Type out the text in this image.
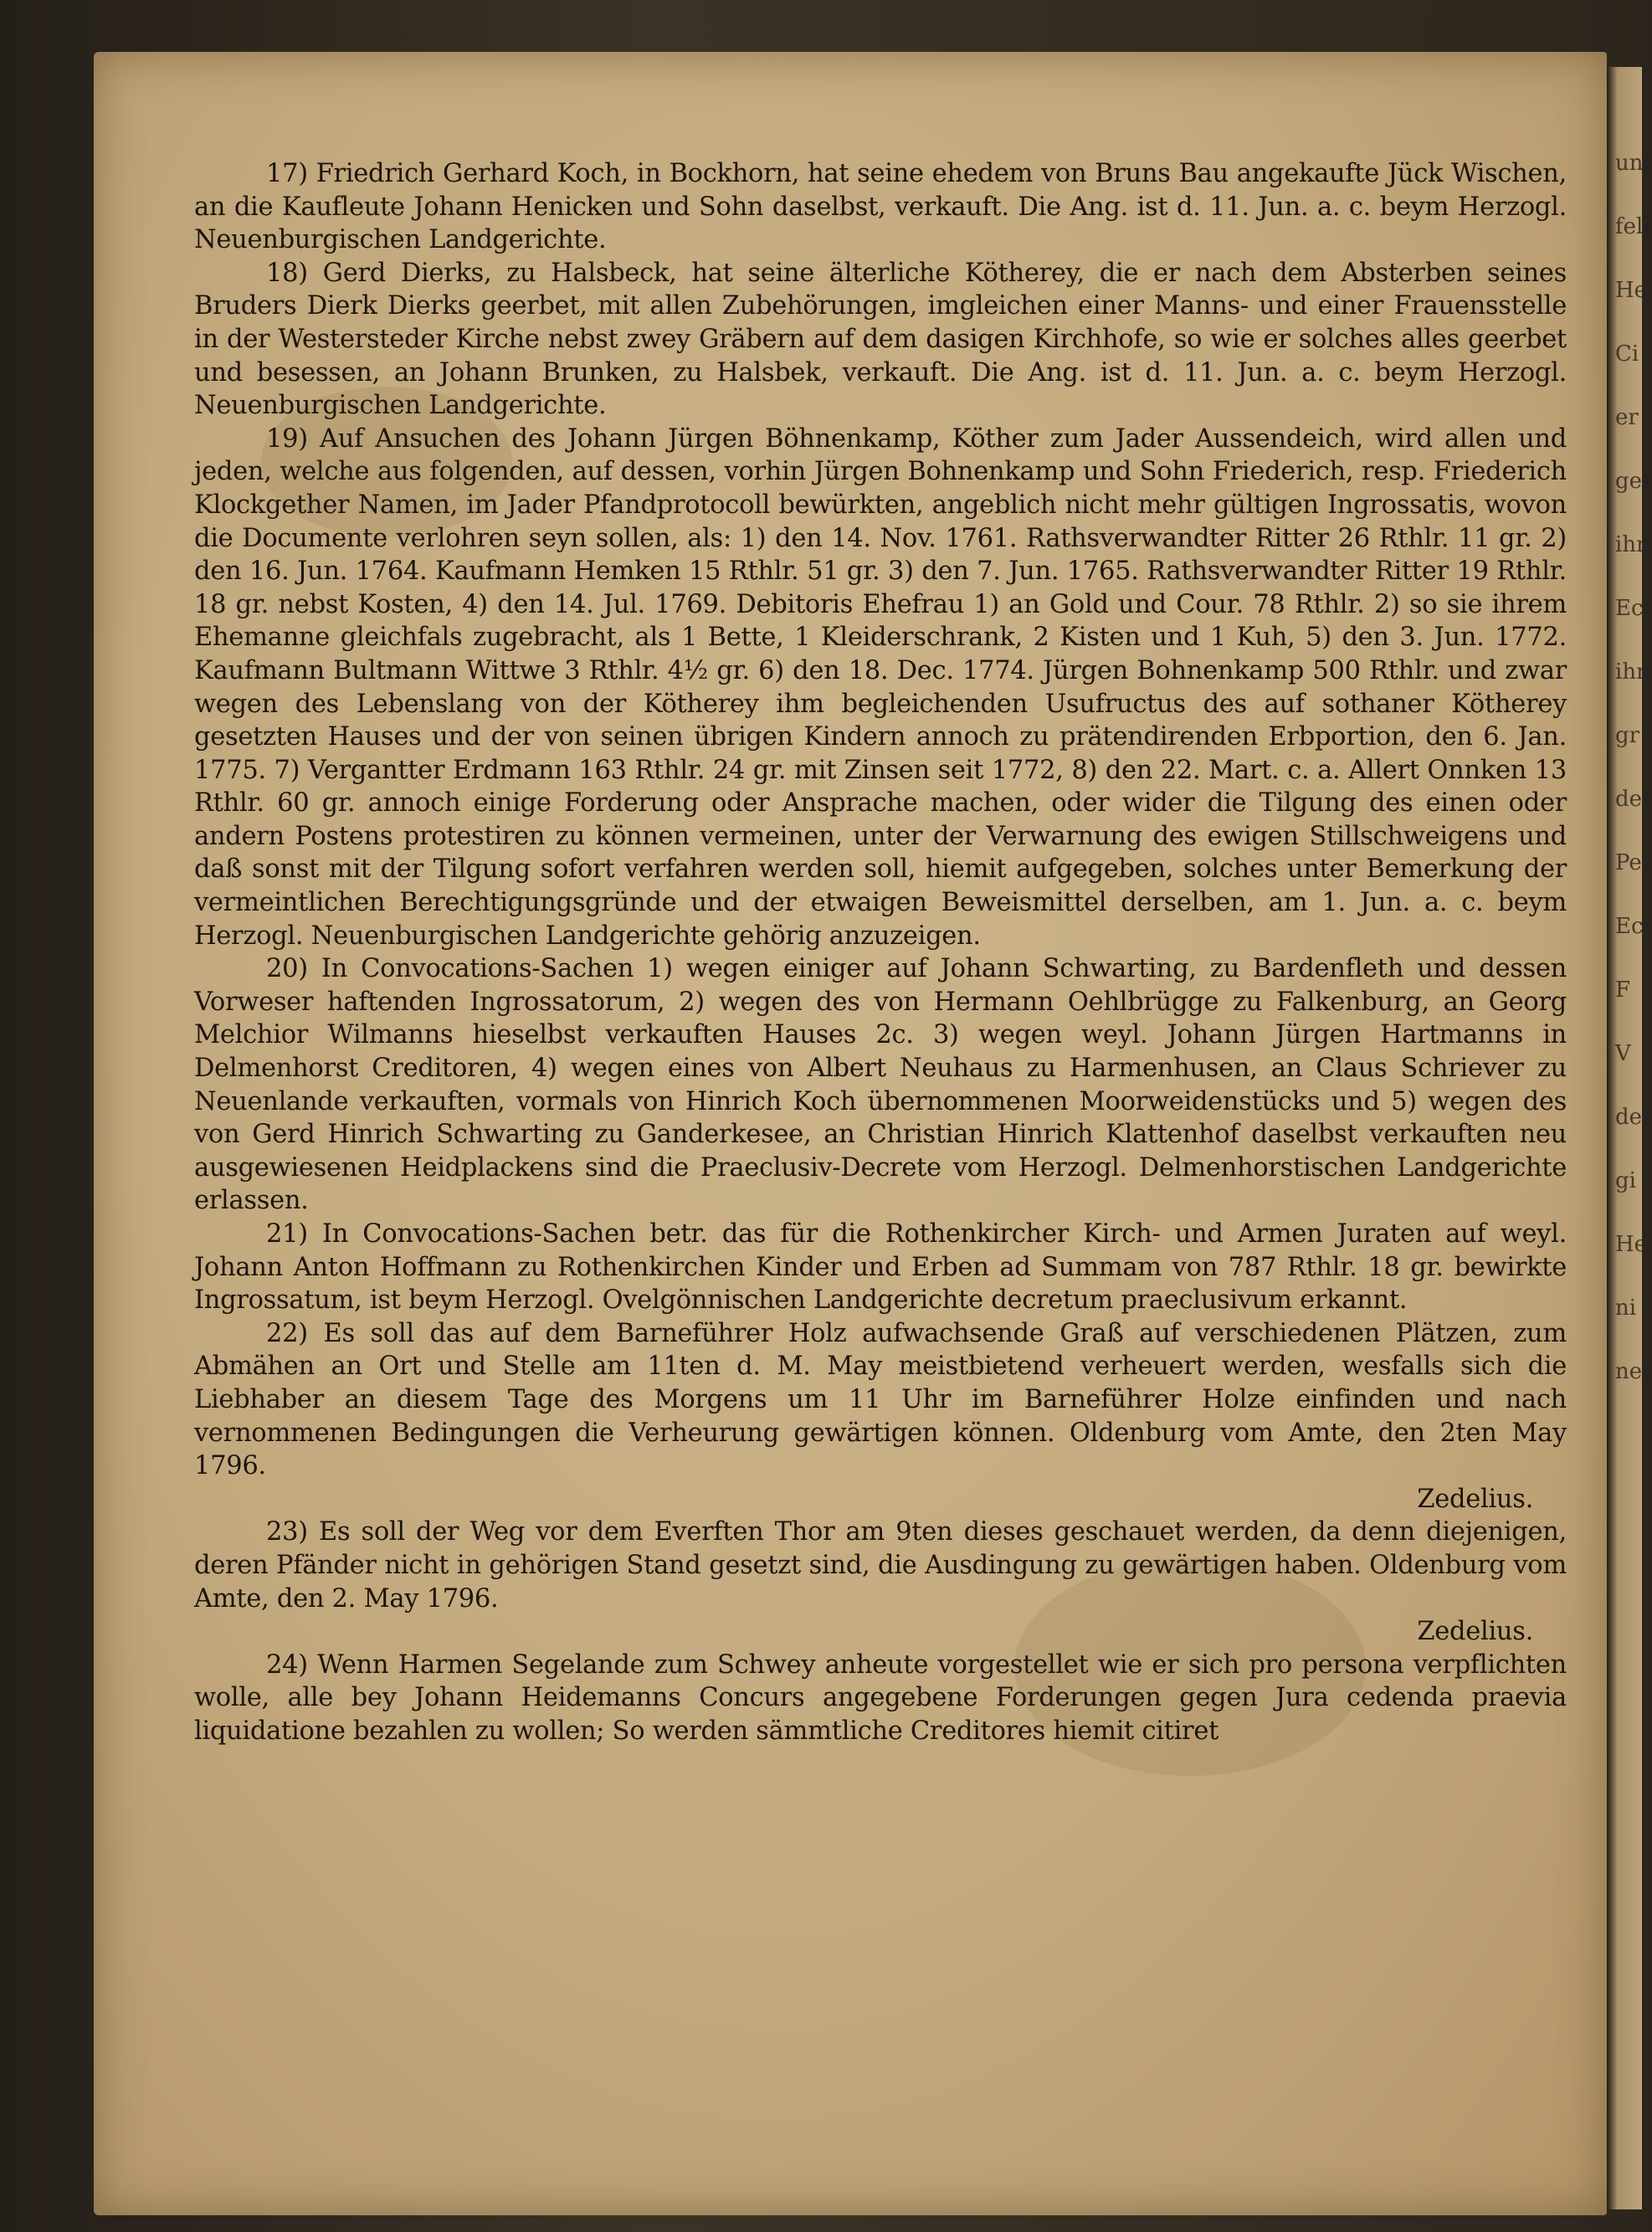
un
fell
He
Ci
er
ger
ihr
Ec
ihr
gr
de
Pe
Ec
F
V
de
gi
He
ni
ne

17) Friedrich Gerhard Koch, in Bockhorn, hat seine ehedem von Bruns Bau angekaufte Jück Wischen, an die Kaufleute Johann Henicken und Sohn daselbst, verkauft. Die Ang. ist d. 11. Jun. a. c. beym Herzogl. Neuenburgischen Landgerichte.

18) Gerd Dierks, zu Halsbeck, hat seine älterliche Kötherey, die er nach dem Absterben seines Bruders Dierk Dierks geerbet, mit allen Zubehörungen, imgleichen einer Manns- und einer Frauensstelle in der Westersteder Kirche nebst zwey Gräbern auf dem dasigen Kirchhofe, so wie er solches alles geerbet und besessen, an Johann Brunken, zu Halsbek, verkauft. Die Ang. ist d. 11. Jun. a. c. beym Herzogl. Neuenburgischen Landgerichte.

19) Auf Ansuchen des Johann Jürgen Böhnenkamp, Köther zum Jader Aussendeich, wird allen und jeden, welche aus folgenden, auf dessen, vorhin Jürgen Bohnenkamp und Sohn Friederich, resp. Friederich Klockgether Namen, im Jader Pfandprotocoll bewürkten, angeblich nicht mehr gültigen Ingrossatis, wovon die Documente verlohren seyn sollen, als: 1) den 14. Nov. 1761. Rathsverwandter Ritter 26 Rthlr. 11 gr. 2) den 16. Jun. 1764. Kaufmann Hemken 15 Rthlr. 51 gr. 3) den 7. Jun. 1765. Rathsverwandter Ritter 19 Rthlr. 18 gr. nebst Kosten, 4) den 14. Jul. 1769. Debitoris Ehefrau 1) an Gold und Cour. 78 Rthlr. 2) so sie ihrem Ehemanne gleichfals zugebracht, als 1 Bette, 1 Kleiderschrank, 2 Kisten und 1 Kuh, 5) den 3. Jun. 1772. Kaufmann Bultmann Wittwe 3 Rthlr. 4½ gr. 6) den 18. Dec. 1774. Jürgen Bohnenkamp 500 Rthlr. und zwar wegen des Lebenslang von der Kötherey ihm begleichenden Usufructus des auf sothaner Kötherey gesetzten Hauses und der von seinen übrigen Kindern annoch zu prätendirenden Erbportion, den 6. Jan. 1775. 7) Vergantter Erdmann 163 Rthlr. 24 gr. mit Zinsen seit 1772, 8) den 22. Mart. c. a. Allert Onnken 13 Rthlr. 60 gr. annoch einige Forderung oder Ansprache machen, oder wider die Tilgung des einen oder andern Postens protestiren zu können vermeinen, unter der Verwarnung des ewigen Stillschweigens und daß sonst mit der Tilgung sofort verfahren werden soll, hiemit aufgegeben, solches unter Bemerkung der vermeintlichen Berechtigungsgründe und der etwaigen Beweismittel derselben, am 1. Jun. a. c. beym Herzogl. Neuenburgischen Landgerichte gehörig anzuzeigen.

20) In Convocations-Sachen 1) wegen einiger auf Johann Schwarting, zu Bardenfleth und dessen Vorweser haftenden Ingrossatorum, 2) wegen des von Hermann Oehlbrügge zu Falkenburg, an Georg Melchior Wilmanns hieselbst verkauften Hauses 2c. 3) wegen weyl. Johann Jürgen Hartmanns in Delmenhorst Creditoren, 4) wegen eines von Albert Neuhaus zu Harmenhusen, an Claus Schriever zu Neuenlande verkauften, vormals von Hinrich Koch übernommenen Moorweidenstücks und 5) wegen des von Gerd Hinrich Schwarting zu Ganderkesee, an Christian Hinrich Klattenhof daselbst verkauften neu ausgewiesenen Heidplackens sind die Praeclusiv-Decrete vom Herzogl. Delmenhorstischen Landgerichte erlassen.

21) In Convocations-Sachen betr. das für die Rothenkircher Kirch- und Armen Juraten auf weyl. Johann Anton Hoffmann zu Rothenkirchen Kinder und Erben ad Summam von 787 Rthlr. 18 gr. bewirkte Ingrossatum, ist beym Herzogl. Ovelgönnischen Landgerichte decretum praeclusivum erkannt.

22) Es soll das auf dem Barneführer Holz aufwachsende Graß auf verschiedenen Plätzen, zum Abmähen an Ort und Stelle am 11ten d. M. May meistbietend verheuert werden, wesfalls sich die Liebhaber an diesem Tage des Morgens um 11 Uhr im Barneführer Holze einfinden und nach vernommenen Bedingungen die Verheurung gewärtigen können. Oldenburg vom Amte, den 2ten May 1796.

Zedelius.

23) Es soll der Weg vor dem Everften Thor am 9ten dieses geschauet werden, da denn diejenigen, deren Pfänder nicht in gehörigen Stand gesetzt sind, die Ausdingung zu gewärtigen haben. Oldenburg vom Amte, den 2. May 1796.

Zedelius.

24) Wenn Harmen Segelande zum Schwey anheute vorgestellet wie er sich pro persona verpflichten wolle, alle bey Johann Heidemanns Concurs angegebene Forderungen gegen Jura cedenda praevia liquidatione bezahlen zu wollen; So werden sämmtliche Creditores hiemit citiret
